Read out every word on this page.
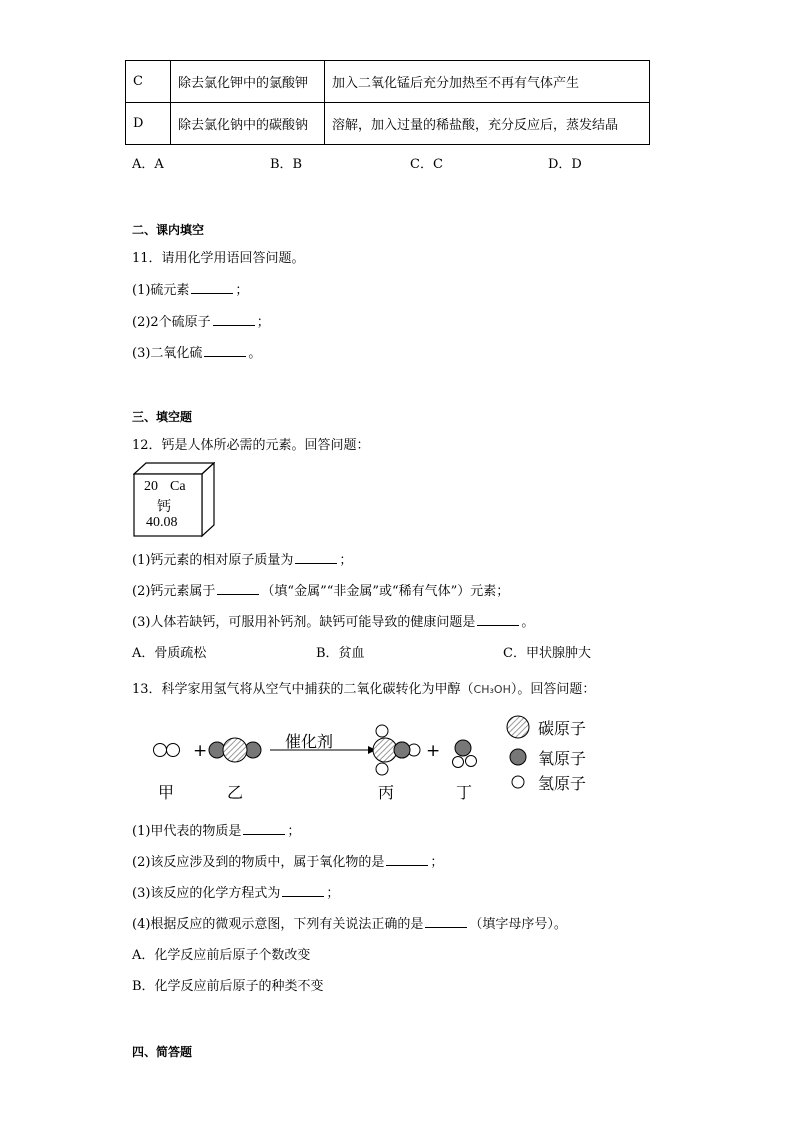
C	除去氯化钾中的氯酸钾	加入二氧化锰后充分加热至不再有气体产生
D	除去氯化钠中的碳酸钠	溶解，加入过量的稀盐酸，充分反应后，蒸发结晶
A．A	B．B	C．C	D．D
二、课内填空
11．请用化学用语回答问题。
(1)硫元素	；
(2)2个硫原子	；
(3)二氧化硫	。
三、填空题
12．钙是人体所必需的元素。回答问题：
20 Ca
钙
40.08
(1)钙元素的相对原子质量为	；
(2)钙元素属于	（填“金属”“非金属”或“稀有气体”）元素；
(3)人体若缺钙，可服用补钙剂。缺钙可能导致的健康问题是	。
A．骨质疏松	B．贫血	C．甲状腺肿大
13．科学家用氢气将从空气中捕获的二氧化碳转化为甲醇（CH₃OH）。回答问题：
+	+
催化剂
甲	乙	丙	丁
碳原子
氧原子
氢原子
(1)甲代表的物质是	；
(2)该反应涉及到的物质中，属于氧化物的是	；
(3)该反应的化学方程式为	；
(4)根据反应的微观示意图，下列有关说法正确的是	（填字母序号）。
A．化学反应前后原子个数改变
B．化学反应前后原子的种类不变
四、简答题
